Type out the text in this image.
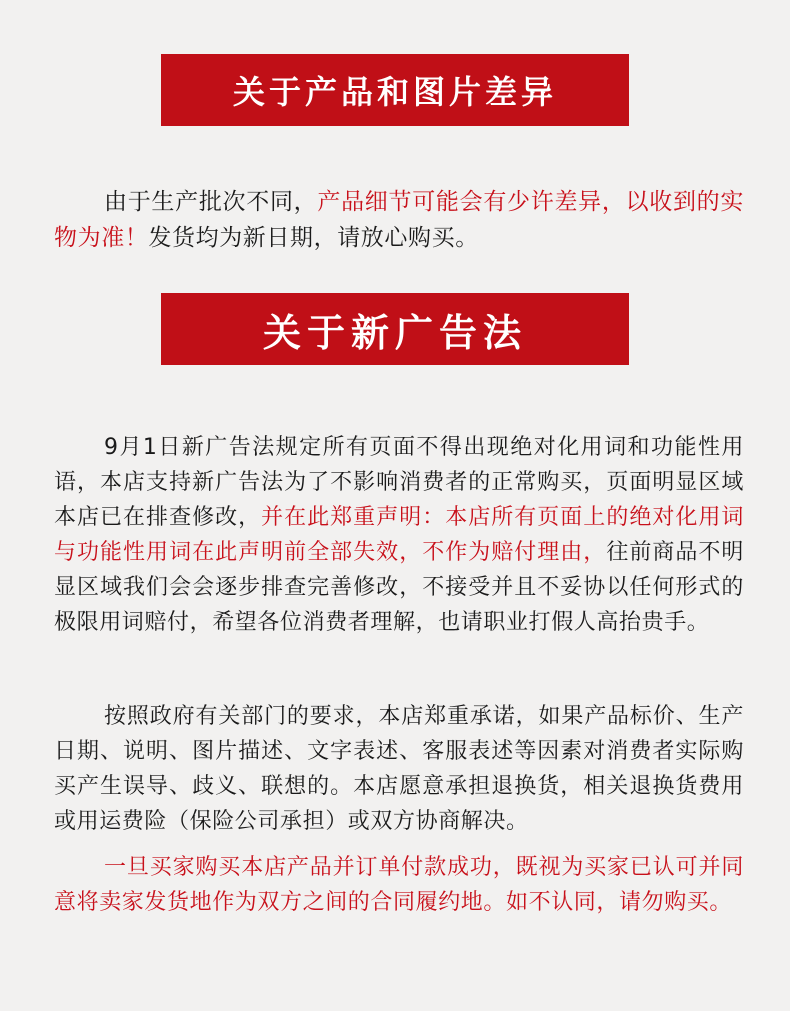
关于产品和图片差异

由于生产批次不同，产品细节可能会有少许差异，以收到的实物为准！发货均为新日期，请放心购买。

关于新广告法

9月1日新广告法规定所有页面不得出现绝对化用词和功能性用语，本店支持新广告法为了不影响消费者的正常购买，页面明显区域本店已在排查修改，并在此郑重声明：本店所有页面上的绝对化用词与功能性用词在此声明前全部失效，不作为赔付理由，往前商品不明显区域我们会会逐步排查完善修改，不接受并且不妥协以任何形式的极限用词赔付，希望各位消费者理解，也请职业打假人高抬贵手。

按照政府有关部门的要求，本店郑重承诺，如果产品标价、生产日期、说明、图片描述、文字表述、客服表述等因素对消费者实际购买产生误导、歧义、联想的。本店愿意承担退换货，相关退换货费用或用运费险（保险公司承担）或双方协商解决。

一旦买家购买本店产品并订单付款成功，既视为买家已认可并同意将卖家发货地作为双方之间的合同履约地。如不认同，请勿购买。
